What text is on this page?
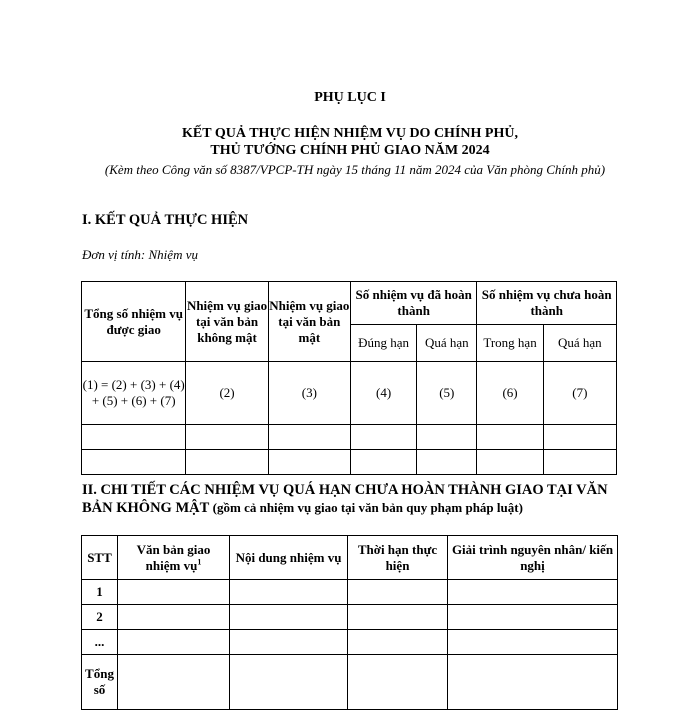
PHỤ LỤC I
KẾT QUẢ THỰC HIỆN NHIỆM VỤ DO CHÍNH PHỦ,
THỦ TƯỚNG CHÍNH PHỦ GIAO NĂM 2024
(Kèm theo Công văn số 8387/VPCP-TH ngày 15 tháng 11 năm 2024 của Văn phòng Chính phủ)
I. KẾT QUẢ THỰC HIỆN
Đơn vị tính: Nhiệm vụ
Tổng số nhiệm vụ được giao	Nhiệm vụ giao tại văn bản không mật	Nhiệm vụ giao tại văn bản mật	Số nhiệm vụ đã hoàn thành		Số nhiệm vụ chưa hoàn thành	
			Đúng hạn	Quá hạn	Trong hạn	Quá hạn
(1) = (2) + (3) + (4) + (5) + (6) + (7)	(2)	(3)	(4)	(5)	(6)	(7)

II. CHI TIẾT CÁC NHIỆM VỤ QUÁ HẠN CHƯA HOÀN THÀNH GIAO TẠI VĂN BẢN KHÔNG MẬT (gồm cả nhiệm vụ giao tại văn bản quy phạm pháp luật)
STT	Văn bản giao nhiệm vụ$^1$	Nội dung nhiệm vụ	Thời hạn thực hiện	Giải trình nguyên nhân/ kiến nghị
1				
2				
...				
Tổng số				
